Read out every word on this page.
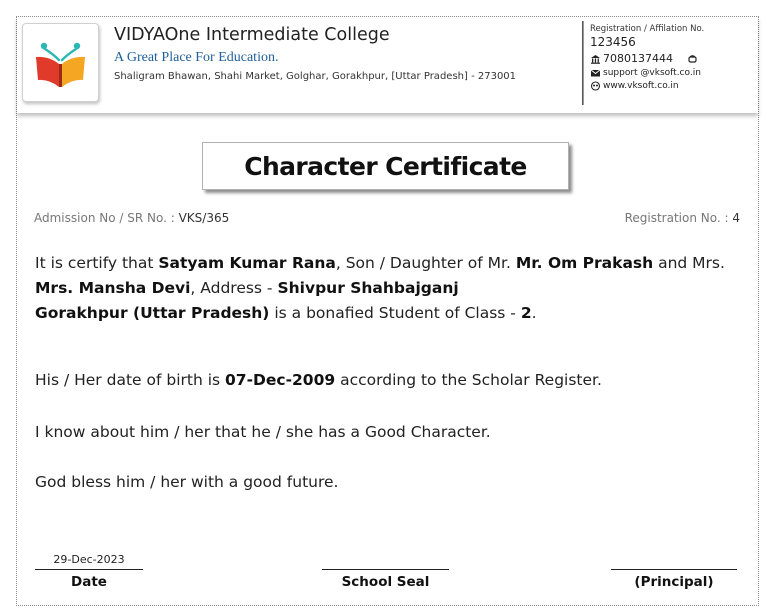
VIDYAOne Intermediate College
A Great Place For Education.
Shaligram Bhawan, Shahi Market, Golghar, Gorakhpur, [Uttar Pradesh] - 273001
Registration / Affilation No.
123456
7080137444
support @vksoft.co.in
www.vksoft.co.in
Character Certificate
Admission No / SR No. : VKS/365	Registration No. : 4
It is certify that Satyam Kumar Rana, Son / Daughter of Mr. Mr. Om Prakash and Mrs. Mrs. Mansha Devi, Address - Shivpur Shahbajganj
Gorakhpur (Uttar Pradesh) is a bonafied Student of Class - 2.
His / Her date of birth is 07-Dec-2009 according to the Scholar Register.
I know about him / her that he / she has a Good Character.
God bless him / her with a good future.
29-Dec-2023
Date	School Seal	(Principal)
